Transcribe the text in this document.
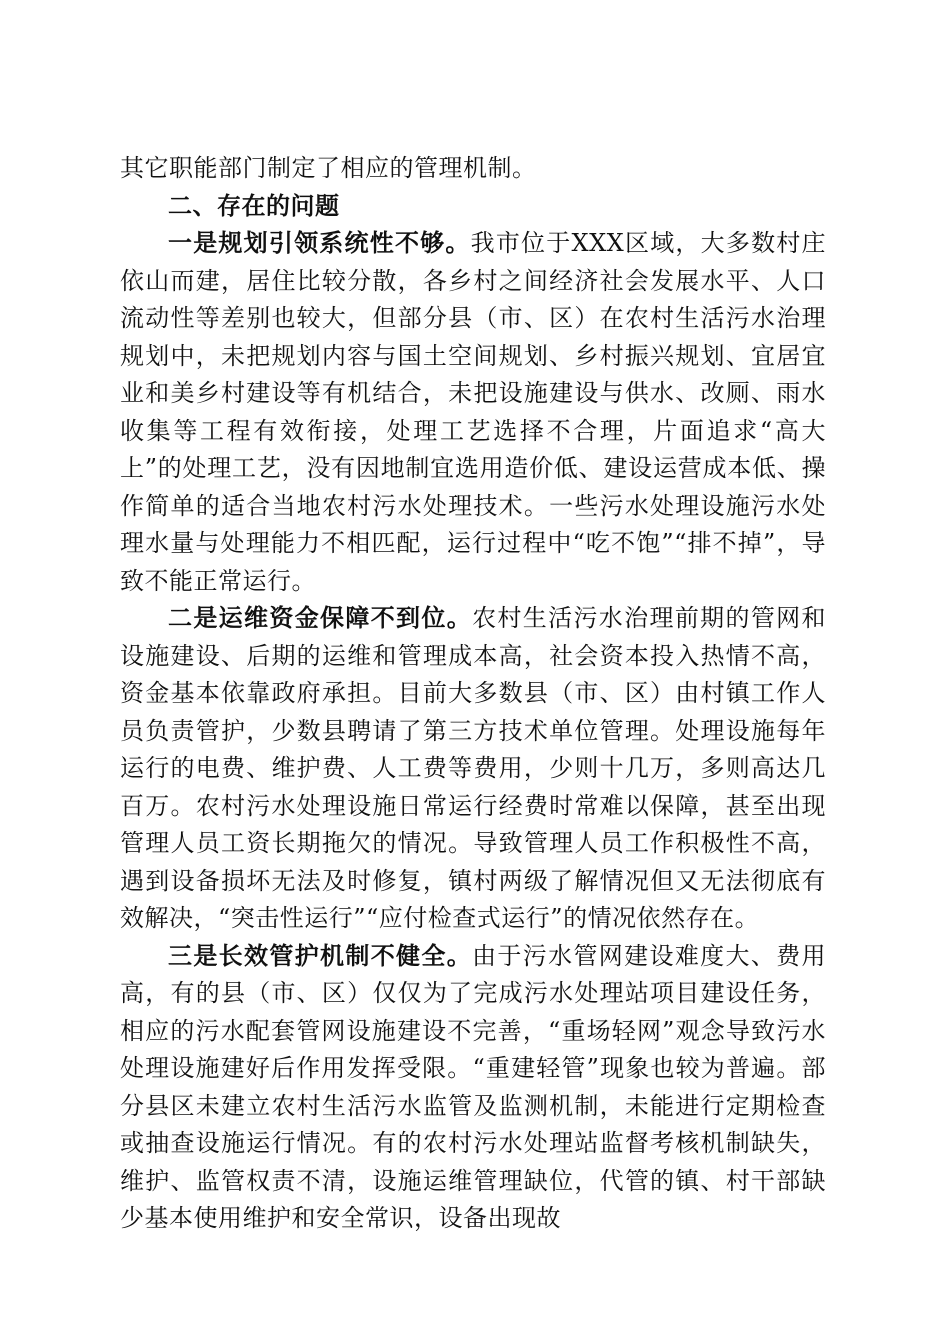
其它职能部门制定了相应的管理机制。

二、存在的问题

一是规划引领系统性不够。我市位于XXX区域，大多数村庄依山而建，居住比较分散，各乡村之间经济社会发展水平、人口流动性等差别也较大，但部分县（市、区）在农村生活污水治理规划中，未把规划内容与国土空间规划、乡村振兴规划、宜居宜业和美乡村建设等有机结合，未把设施建设与供水、改厕、雨水收集等工程有效衔接，处理工艺选择不合理，片面追求“高大上”的处理工艺，没有因地制宜选用造价低、建设运营成本低、操作简单的适合当地农村污水处理技术。一些污水处理设施污水处理水量与处理能力不相匹配，运行过程中“吃不饱”“排不掉”，导致不能正常运行。

二是运维资金保障不到位。农村生活污水治理前期的管网和设施建设、后期的运维和管理成本高，社会资本投入热情不高，资金基本依靠政府承担。目前大多数县（市、区）由村镇工作人员负责管护，少数县聘请了第三方技术单位管理。处理设施每年运行的电费、维护费、人工费等费用，少则十几万，多则高达几百万。农村污水处理设施日常运行经费时常难以保障，甚至出现管理人员工资长期拖欠的情况。导致管理人员工作积极性不高，遇到设备损坏无法及时修复，镇村两级了解情况但又无法彻底有效解决，“突击性运行”“应付检查式运行”的情况依然存在。

三是长效管护机制不健全。由于污水管网建设难度大、费用高，有的县（市、区）仅仅为了完成污水处理站项目建设任务，相应的污水配套管网设施建设不完善，“重场轻网”观念导致污水处理设施建好后作用发挥受限。“重建轻管”现象也较为普遍。部分县区未建立农村生活污水监管及监测机制，未能进行定期检查或抽查设施运行情况。有的农村污水处理站监督考核机制缺失，维护、监管权责不清，设施运维管理缺位，代管的镇、村干部缺少基本使用维护和安全常识，设备出现故
